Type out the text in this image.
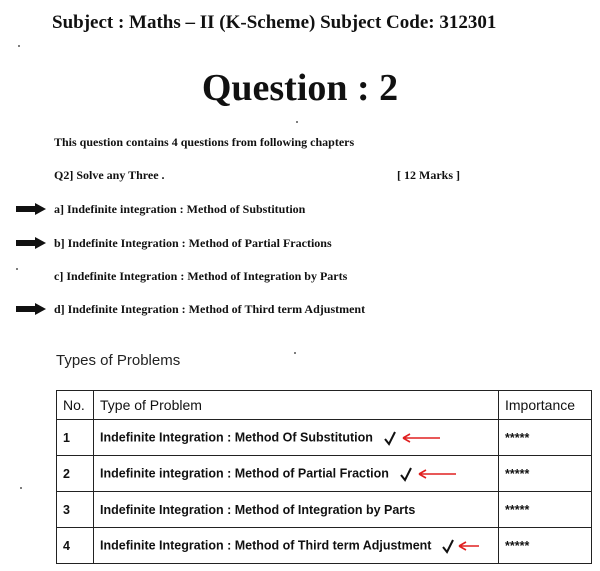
Subject : Maths – II (K-Scheme) Subject Code: 312301
Question : 2
This question contains 4 questions from following chapters
Q2] Solve any Three .	[ 12 Marks ]
a] Indefinite integration : Method of Substitution
b] Indefinite Integration : Method of Partial Fractions
c] Indefinite Integration : Method of Integration by Parts
d] Indefinite Integration : Method of Third term Adjustment
Types of Problems
No.	Type of Problem	Importance
1	Indefinite Integration : Method Of Substitution	*****
2	Indefinite integration : Method of Partial Fraction	*****
3	Indefinite Integration : Method of Integration by Parts	*****
4	Indefinite Integration : Method of Third term Adjustment	*****
